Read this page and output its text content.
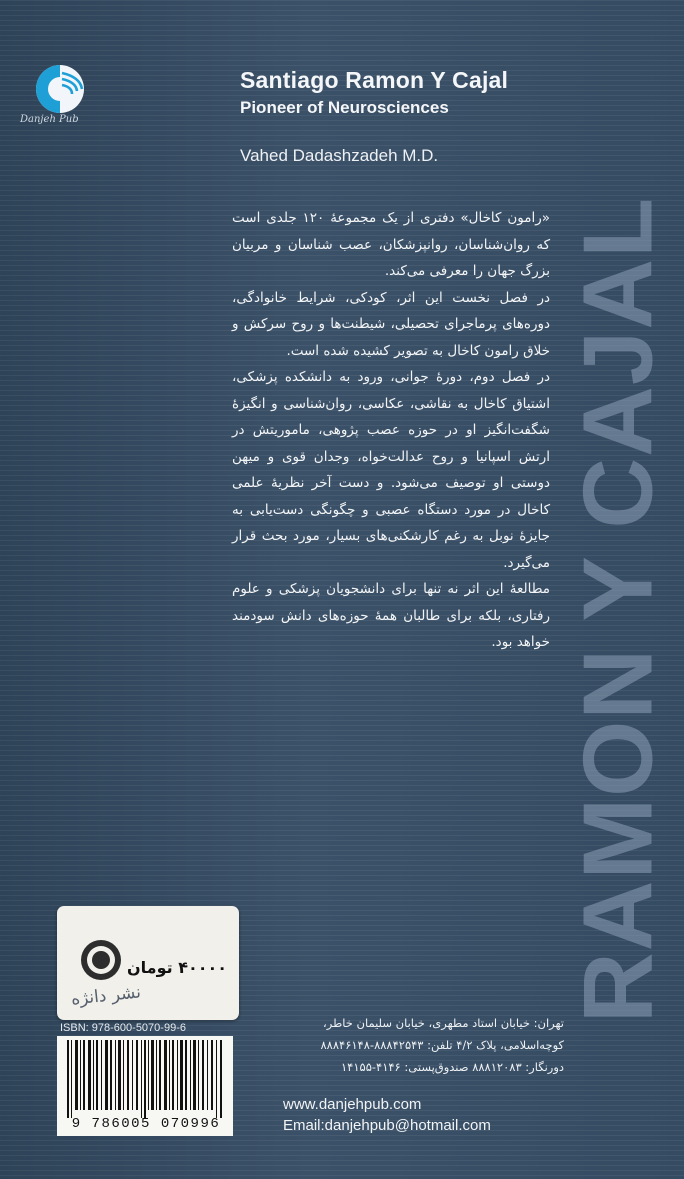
Danjeh Pub
Santiago Ramon Y Cajal
Pioneer of Neurosciences
Vahed Dadashzadeh M.D.
RAMON Y CAJAL

«رامون کاخال» دفتری از یک مجموعهٔ ۱۲۰ جلدی است که روان‌شناسان، روانپزشکان، عصب شناسان و مربیان بزرگ جهان را معرفی می‌کند.

در فصل نخست این اثر، کودکی، شرایط خانوادگی، دوره‌های پرماجرای تحصیلی، شیطنت‌ها و روح سرکش و خلاق رامون کاخال به تصویر کشیده شده است.

در فصل دوم، دورهٔ جوانی، ورود به دانشکده پزشکی، اشتیاق کاخال به نقاشی، عکاسی، روان‌شناسی و انگیزهٔ شگفت‌انگیز او در حوزه عصب پژوهی، ماموریتش در ارتش اسپانیا و روح عدالت‌خواه، وجدان قوی و میهن دوستی او توصیف می‌شود. و دست آخر نظریهٔ علمی کاخال در مورد دستگاه عصبی و چگونگی دست‌یابی به جایزهٔ نوبل به رغم کارشکنی‌های بسیار، مورد بحث قرار می‌گیرد.

مطالعهٔ این اثر نه تنها برای دانشجویان پزشکی و علوم رفتاری، بلکه برای طالبان همهٔ حوزه‌های دانش سودمند خواهد بود.

۴۰۰۰۰ تومان
نشر دانژه
ISBN: 978-600-5070-99-6
9 786005 070996
تهران: خیابان استاد مطهری، خیابان سلیمان خاطر،
کوچه‌اسلامی، پلاک ۴/۲ تلفن: ۸۸۸۴۲۵۴۳-۸۸۸۴۶۱۴۸
دورنگار: ۸۸۸۱۲۰۸۳ صندوق‌پستی: ۴۱۴۶-۱۴۱۵۵
www.danjehpub.com
Email:danjehpub@hotmail.com
